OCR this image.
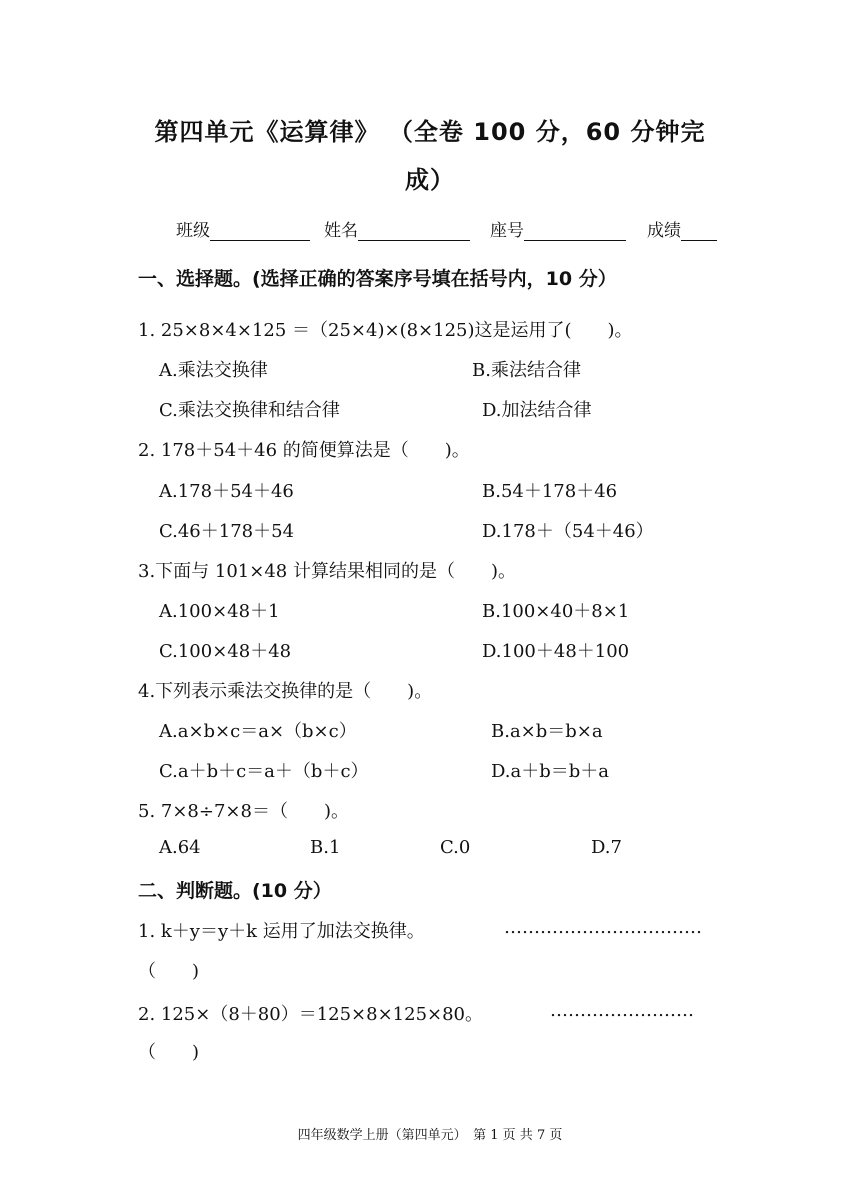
第四单元《运算律》 （全卷 100 分，60 分钟完
成）
班级	姓名	座号	成绩
一、选择题。(选择正确的答案序号填在括号内，10 分）
1. 25×8×4×125 ＝（25×4)×(8×125)这是运用了(　　)。
A.乘法交换律	B.乘法结合律
C.乘法交换律和结合律	D.加法结合律
2. 178＋54＋46 的简便算法是（　　)。
A.178＋54＋46	B.54＋178＋46
C.46＋178＋54	D.178＋（54＋46）
3.下面与 101×48 计算结果相同的是（　　)。
A.100×48＋1	B.100×40＋8×1
C.100×48＋48	D.100＋48＋100
4.下列表示乘法交换律的是（　　)。
A.a×b×c＝a×（b×c）	B.a×b＝b×a
C.a＋b＋c＝a＋（b＋c）	D.a＋b＝b＋a
5. 7×8÷7×8＝（　　)。
A.64	B.1	C.0	D.7
二、判断题。(10 分）
1. k＋y＝y＋k 运用了加法交换律。	……………………………
（　　)
2. 125×（8＋80）＝125×8×125×80。	……………………
（　　)
四年级数学上册（第四单元）　第 1 页 共 7 页
